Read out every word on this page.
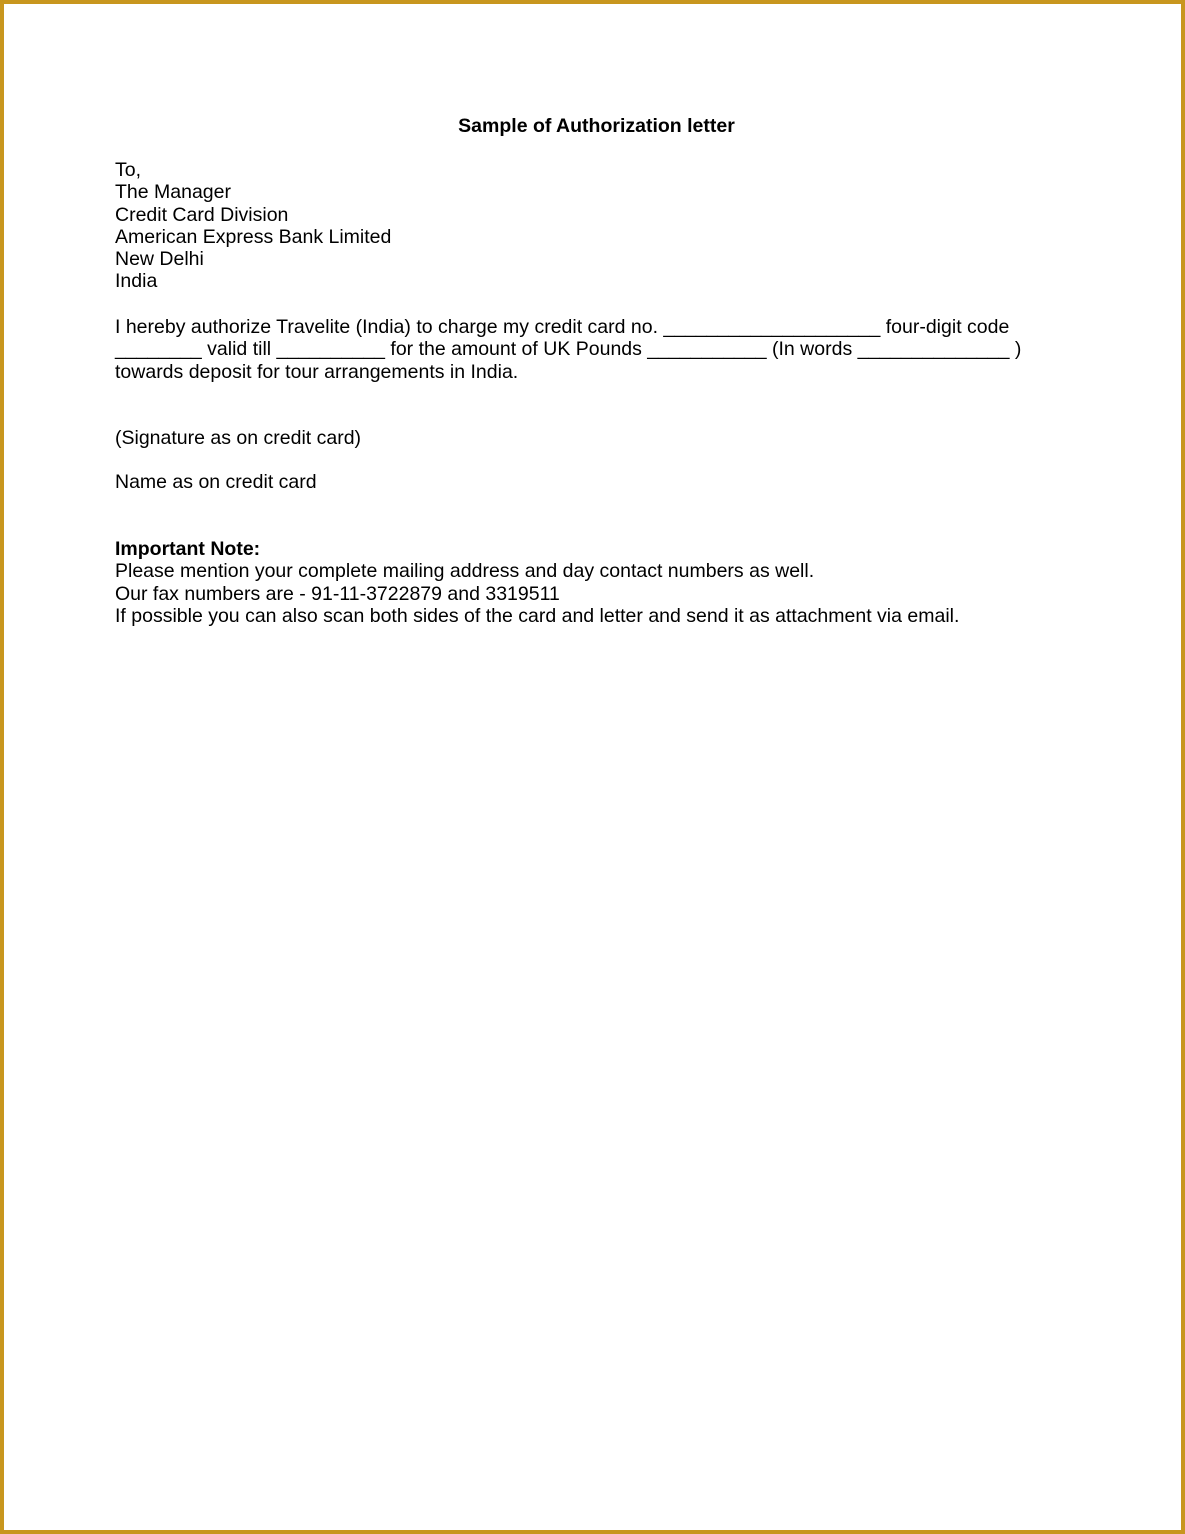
Sample of Authorization letter
To,
The Manager
Credit Card Division
American Express Bank Limited
New Delhi
India
I hereby authorize Travelite (India) to charge my credit card no. ____________________ four-digit code
________ valid till __________ for the amount of UK Pounds ___________ (In words ______________ )
towards deposit for tour arrangements in India.
(Signature as on credit card)
Name as on credit card
Important Note:
Please mention your complete mailing address and day contact numbers as well.
Our fax numbers are - 91-11-3722879 and 3319511
If possible you can also scan both sides of the card and letter and send it as attachment via email.
